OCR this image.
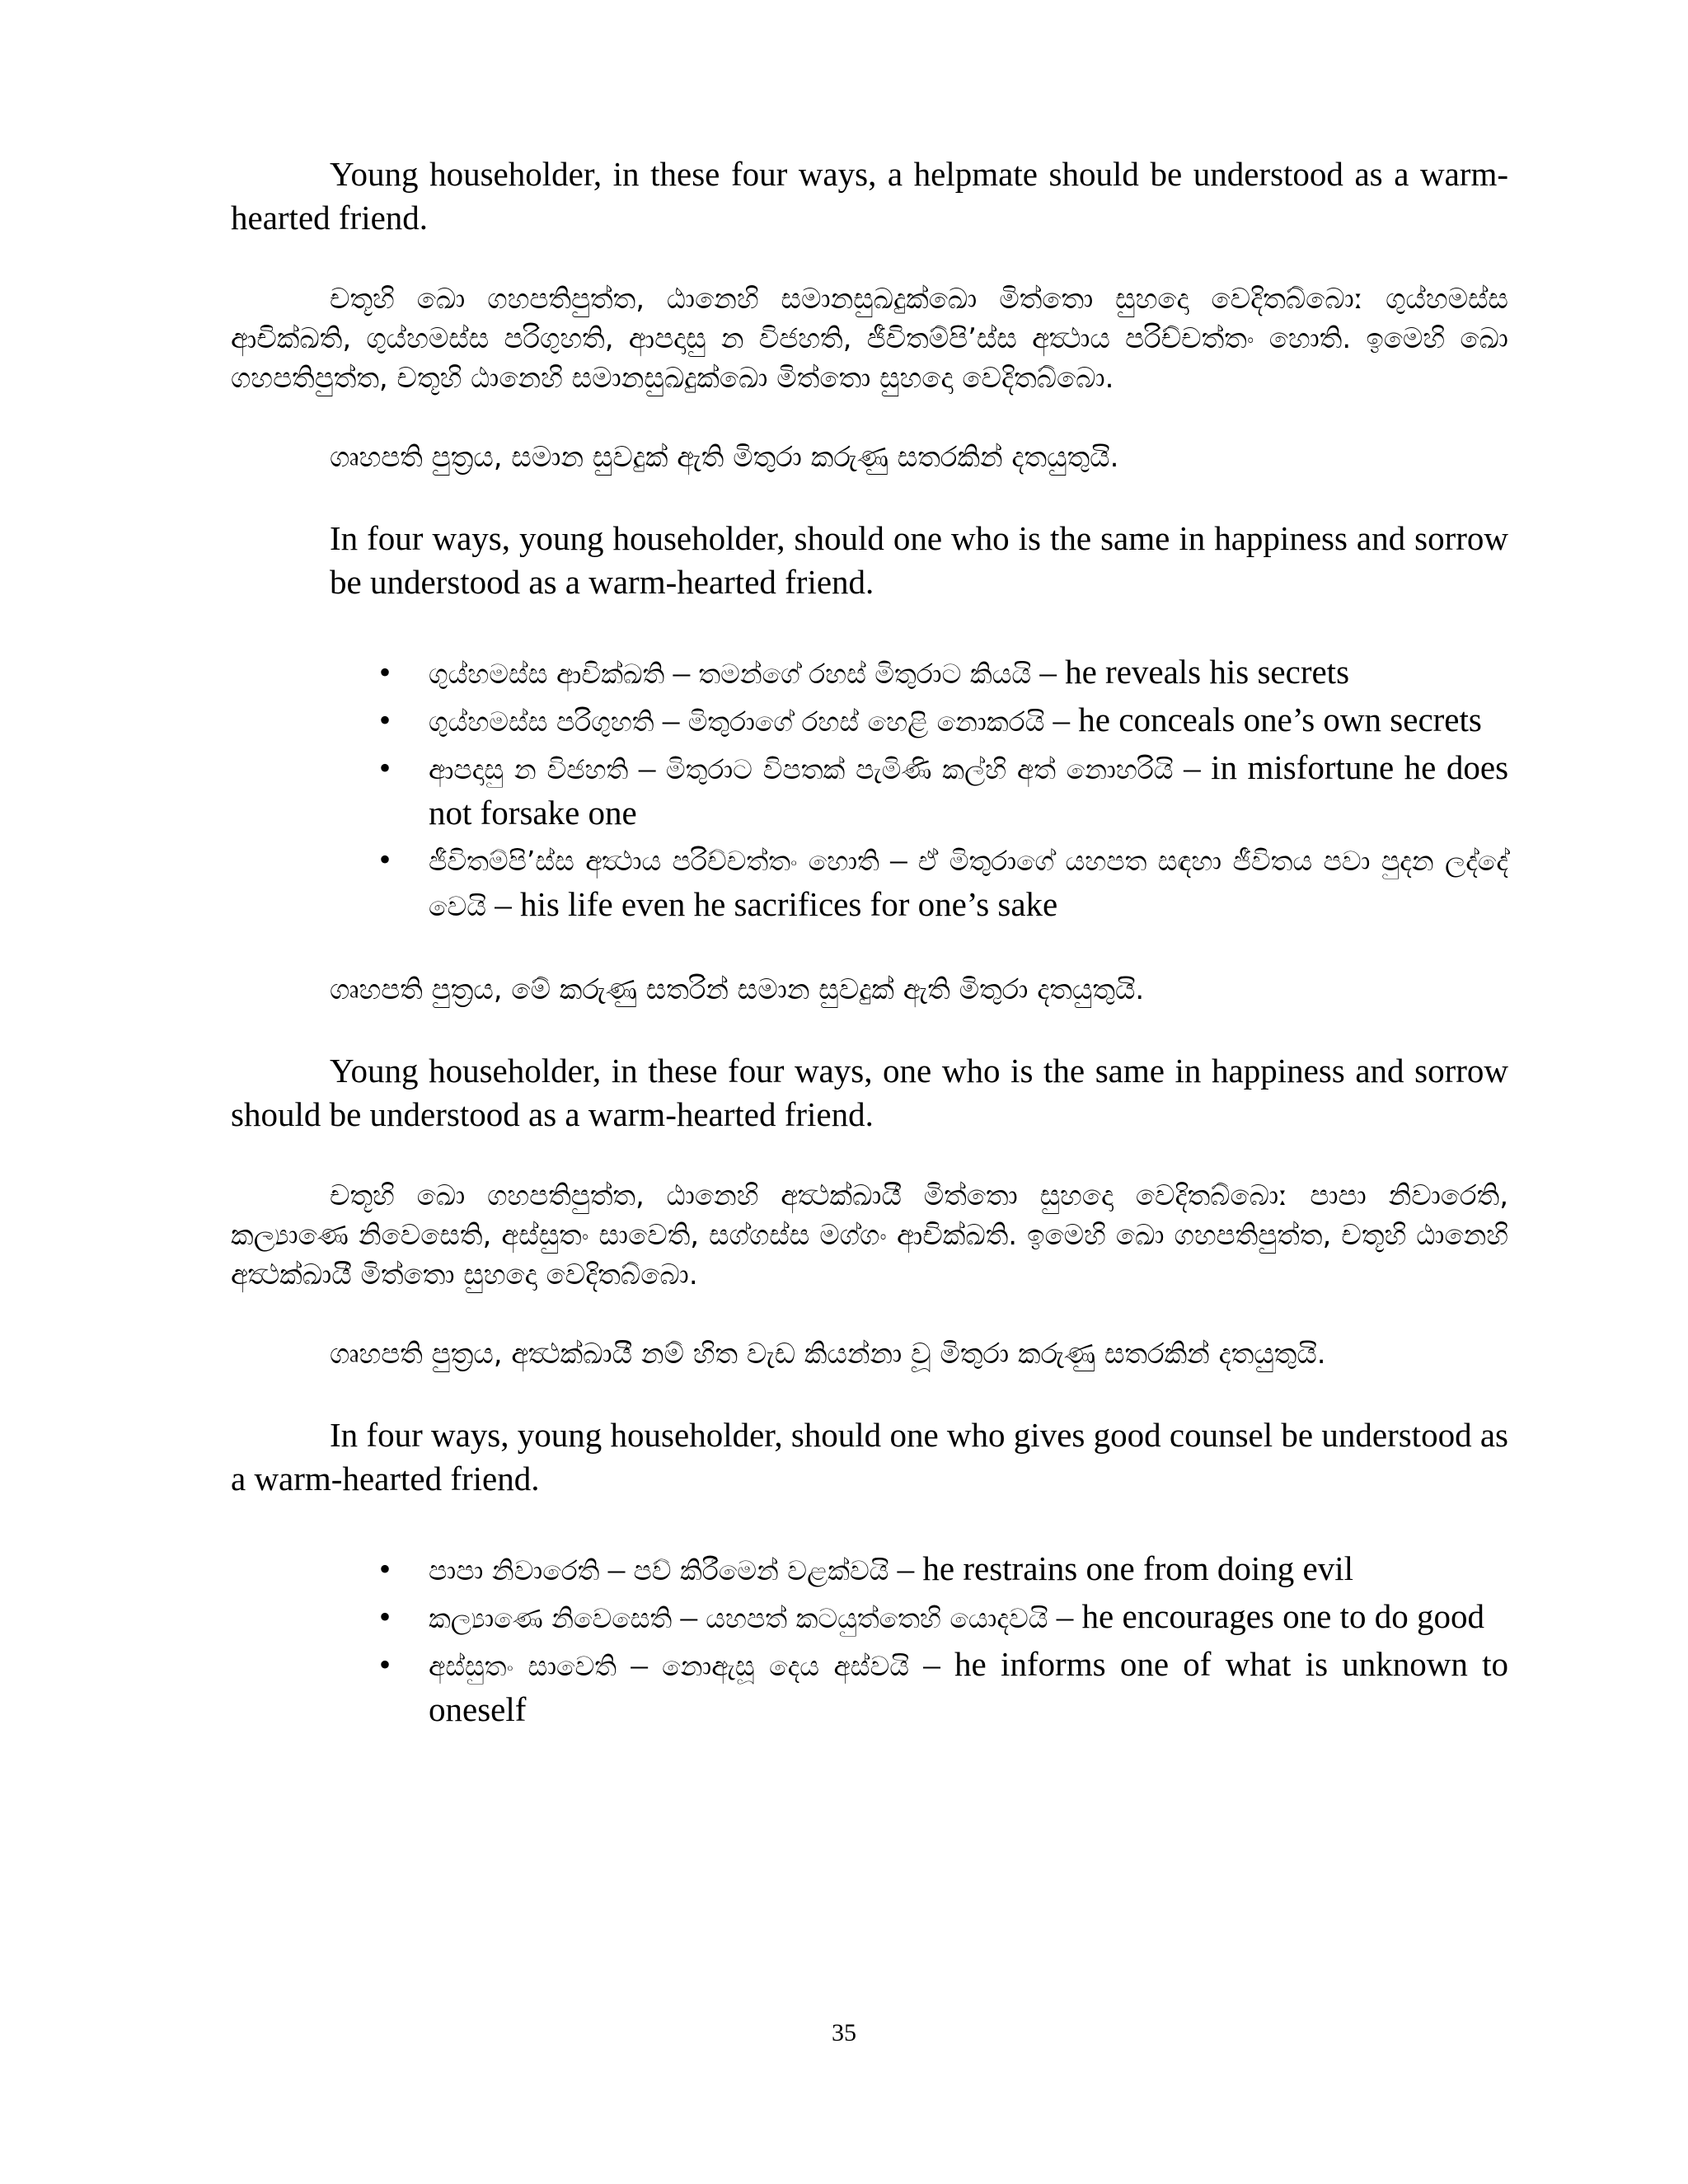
Young householder, in these four ways, a helpmate should be understood as a warm-hearted friend.

චතූහි ඛො ගහපතිපුත්ත, ඨානෙහි සමානසුඛදුක්ඛො මිත්තො සුහදො වෙදිතබ්බොː ගුය්හමස්ස ආචික්ඛති, ගුය්හමස්ස පරිගුහති, ආපදාසු න විජහති, ජීවිතම්පි’ස්ස අත්‍ථාය පරිච්චත්තං හොති. ඉමෙහි ඛො ගහපතිපුත්ත, චතූහි ඨානෙහි සමානසුඛදුක්ඛො මිත්තො සුහදො වෙදිතබ්බො.

ගෘහපති පුත්‍රය, සමාන සුවදුක් ඇති මිතුරා කරුණු සතරකින් දතයුතුයි.

In four ways, young householder, should one who is the same in happiness and sorrow be understood as a warm-hearted friend.

•	ගුය්හමස්ස ආචික්ඛති – තමන්ගේ රහස් මිතුරාට කියයි – he reveals his secrets
•	ගුය්හමස්ස පරිගුහති – මිතුරාගේ රහස් හෙළි නොකරයි – he conceals one’s own secrets
•	ආපදාසු න විජහති – මිතුරාට විපතක් පැමිණි කල්හි අත් නොහරියි – in misfortune he does not forsake one
•	ජීවිතම්පි’ස්ස අත්‍ථාය පරිච්චත්තං හොති – ඒ මිතුරාගේ යහපත සඳහා ජීවිතය පවා පුදන ලද්දේ වෙයි – his life even he sacrifices for one’s sake

ගෘහපති පුත්‍රය, මේ කරුණු සතරින් සමාන සුවදුක් ඇති මිතුරා දතයුතුයි.

Young householder, in these four ways, one who is the same in happiness and sorrow should be understood as a warm-hearted friend.

චතූහි ඛො ගහපතිපුත්ත, ඨානෙහි අත්‍ථක්ඛායී මිත්තො සුහදො වෙදිතබ්බොː පාපා නිවාරෙති, කල්‍යාණෙ නිවෙසෙති, අස්සුතං සාවෙති, සග්ගස්ස මග්ගං ආචික්ඛති. ඉමෙහි ඛො ගහපතිපුත්ත, චතූහි ඨානෙහි අත්‍ථක්ඛායී මිත්තො සුහදො වෙදිතබ්බො.

ගෘහපති පුත්‍රය, අත්‍ථක්ඛායී නම් හිත වැඩ කියන්නා වූ මිතුරා කරුණු සතරකින් දතයුතුයි.

In four ways, young householder, should one who gives good counsel be understood as a warm-hearted friend.

•	පාපා නිවාරෙති – පව් කිරීමෙන් වළක්වයි – he restrains one from doing evil
•	කල්‍යාණෙ නිවෙසෙති – යහපත් කටයුත්තෙහි යොදවයි – he encourages one to do good
•	අස්සුතං සාවෙති – නොඇසූ දෙය අස්වයි – he informs one of what is unknown to oneself
35
